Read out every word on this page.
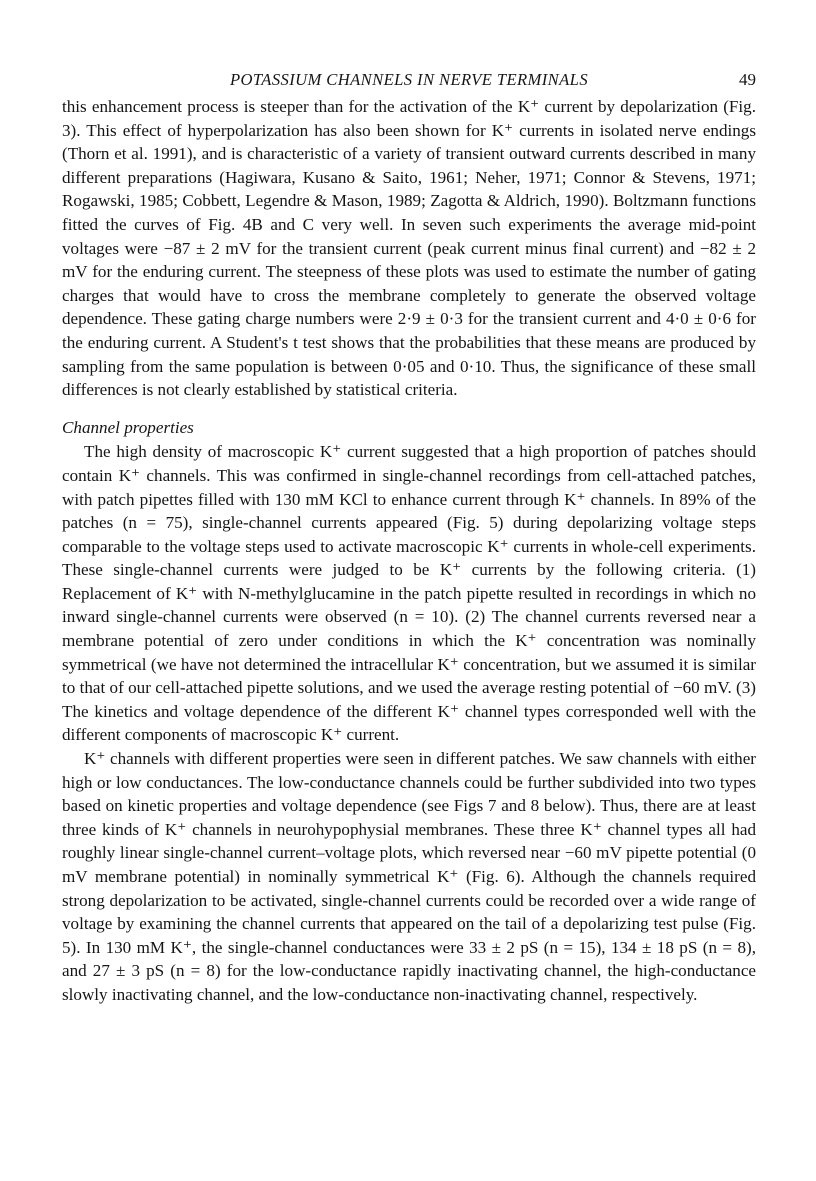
POTASSIUM CHANNELS IN NERVE TERMINALS	49

this enhancement process is steeper than for the activation of the K⁺ current by depolarization (Fig. 3). This effect of hyperpolarization has also been shown for K⁺ currents in isolated nerve endings (Thorn et al. 1991), and is characteristic of a variety of transient outward currents described in many different preparations (Hagiwara, Kusano & Saito, 1961; Neher, 1971; Connor & Stevens, 1971; Rogawski, 1985; Cobbett, Legendre & Mason, 1989; Zagotta & Aldrich, 1990). Boltzmann functions fitted the curves of Fig. 4B and C very well. In seven such experiments the average mid-point voltages were −87 ± 2 mV for the transient current (peak current minus final current) and −82 ± 2 mV for the enduring current. The steepness of these plots was used to estimate the number of gating charges that would have to cross the membrane completely to generate the observed voltage dependence. These gating charge numbers were 2·9 ± 0·3 for the transient current and 4·0 ± 0·6 for the enduring current. A Student's t test shows that the probabilities that these means are produced by sampling from the same population is between 0·05 and 0·10. Thus, the significance of these small differences is not clearly established by statistical criteria.

Channel properties

The high density of macroscopic K⁺ current suggested that a high proportion of patches should contain K⁺ channels. This was confirmed in single-channel recordings from cell-attached patches, with patch pipettes filled with 130 mM KCl to enhance current through K⁺ channels. In 89% of the patches (n = 75), single-channel currents appeared (Fig. 5) during depolarizing voltage steps comparable to the voltage steps used to activate macroscopic K⁺ currents in whole-cell experiments. These single-channel currents were judged to be K⁺ currents by the following criteria. (1) Replacement of K⁺ with N-methylglucamine in the patch pipette resulted in recordings in which no inward single-channel currents were observed (n = 10). (2) The channel currents reversed near a membrane potential of zero under conditions in which the K⁺ concentration was nominally symmetrical (we have not determined the intracellular K⁺ concentration, but we assumed it is similar to that of our cell-attached pipette solutions, and we used the average resting potential of −60 mV. (3) The kinetics and voltage dependence of the different K⁺ channel types corresponded well with the different components of macroscopic K⁺ current.

K⁺ channels with different properties were seen in different patches. We saw channels with either high or low conductances. The low-conductance channels could be further subdivided into two types based on kinetic properties and voltage dependence (see Figs 7 and 8 below). Thus, there are at least three kinds of K⁺ channels in neurohypophysial membranes. These three K⁺ channel types all had roughly linear single-channel current–voltage plots, which reversed near −60 mV pipette potential (0 mV membrane potential) in nominally symmetrical K⁺ (Fig. 6). Although the channels required strong depolarization to be activated, single-channel currents could be recorded over a wide range of voltage by examining the channel currents that appeared on the tail of a depolarizing test pulse (Fig. 5). In 130 mM K⁺, the single-channel conductances were 33 ± 2 pS (n = 15), 134 ± 18 pS (n = 8), and 27 ± 3 pS (n = 8) for the low-conductance rapidly inactivating channel, the high-conductance slowly inactivating channel, and the low-conductance non-inactivating channel, respectively.
